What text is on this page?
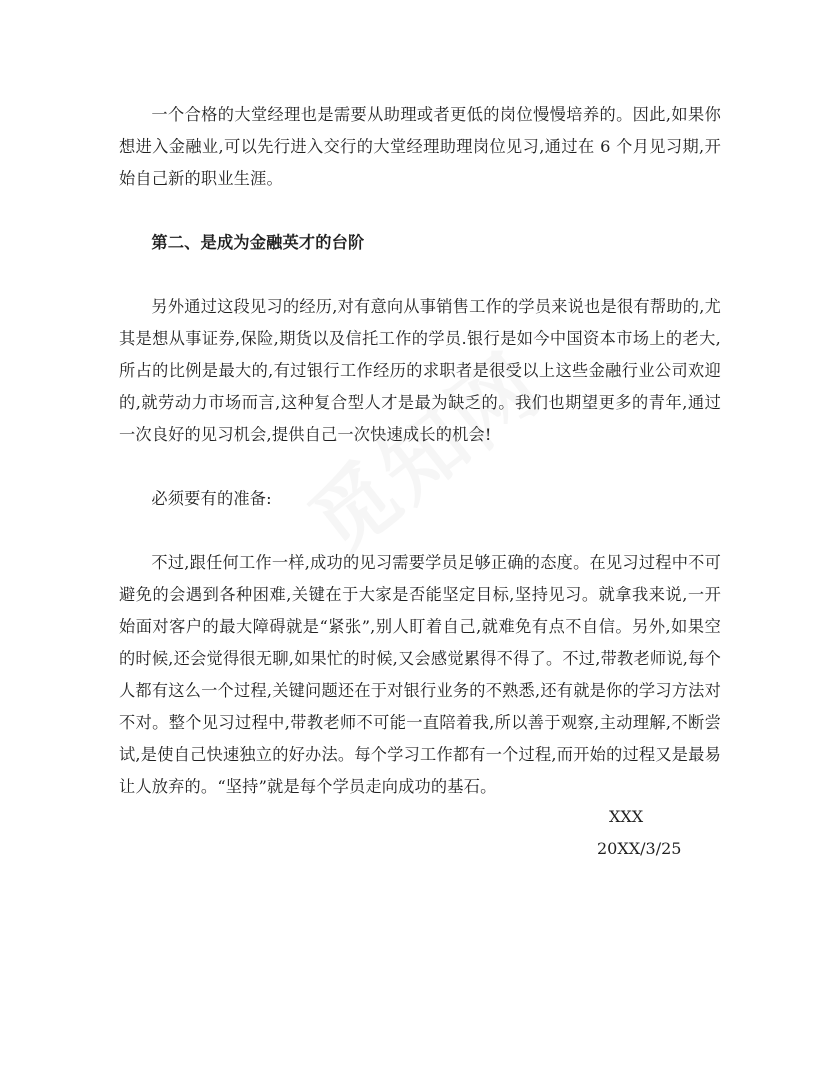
一个合格的大堂经理也是需要从助理或者更低的岗位慢慢培养的。因此,如果你想进入金融业,可以先行进入交行的大堂经理助理岗位见习,通过在 6 个月见习期,开始自己新的职业生涯。

第二、是成为金融英才的台阶

另外通过这段见习的经历,对有意向从事销售工作的学员来说也是很有帮助的,尤其是想从事证券,保险,期货以及信托工作的学员.银行是如今中国资本市场上的老大,所占的比例是最大的,有过银行工作经历的求职者是很受以上这些金融行业公司欢迎的,就劳动力市场而言,这种复合型人才是最为缺乏的。我们也期望更多的青年,通过一次良好的见习机会,提供自己一次快速成长的机会!

必须要有的准备:

不过,跟任何工作一样,成功的见习需要学员足够正确的态度。在见习过程中不可避免的会遇到各种困难,关键在于大家是否能坚定目标,坚持见习。就拿我来说,一开始面对客户的最大障碍就是“紧张”,别人盯着自己,就难免有点不自信。另外,如果空的时候,还会觉得很无聊,如果忙的时候,又会感觉累得不得了。不过,带教老师说,每个人都有这么一个过程,关键问题还在于对银行业务的不熟悉,还有就是你的学习方法对不对。整个见习过程中,带教老师不可能一直陪着我,所以善于观察,主动理解,不断尝试,是使自己快速独立的好办法。每个学习工作都有一个过程,而开始的过程又是最易让人放弃的。“坚持”就是每个学员走向成功的基石。

XXX
20XX/3/25
